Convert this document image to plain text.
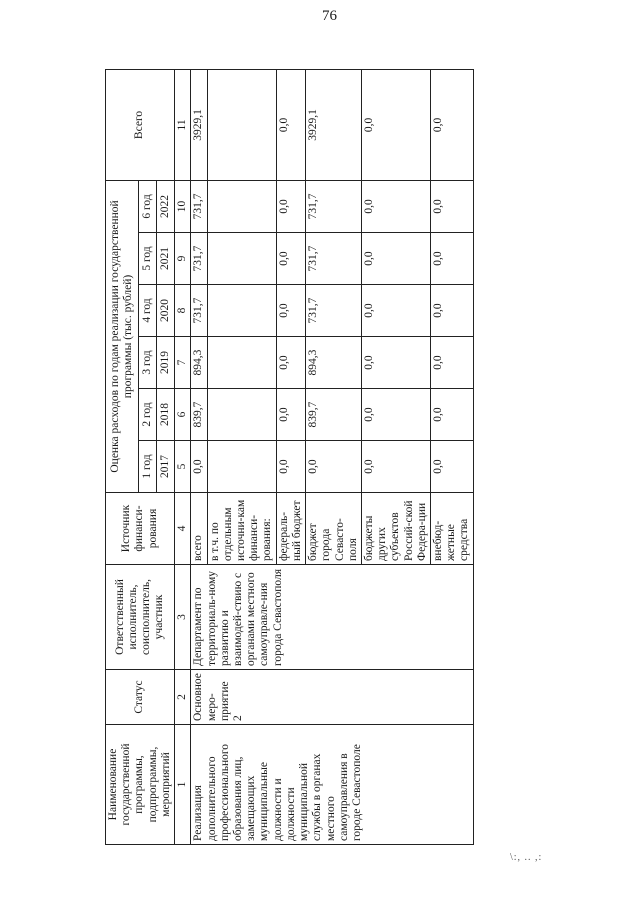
76
Наименование государственной программы, подпрограммы, мероприятий	Статус	Ответственный исполнитель, соисполнитель, участник	Источник финанси-рования	Оценка расходов по годам реализации государственной программы (тыс. рублей)						Всего
				1 год	2 год	3 год	4 год	5 год	6 год	
				2017	2018	2019	2020	2021	2022	
1	2	3	4	5	6	7	8	9	10	11
Реализация дополнительного профессионального образования лиц, замещающих муниципальные должности и должности муниципальной службы в органах местного самоуправления в городе Севастополе	Основное меро-приятие 2	Департамент по территориаль-ному развитию и взаимодей-ствию с органами местного самоуправле-ния города Севастополя	всего	0,0	839,7	894,3	731,7	731,7	731,7	3929,1
			в т.ч. по отдельным источни-кам финанси-рования:							
			федераль-ный бюджет	0,0	0,0	0,0	0,0	0,0	0,0	0,0
			бюджет города Севасто-поля	0,0	839,7	894,3	731,7	731,7	731,7	3929,1
			бюджеты других субъектов Россий-ской Федера-ции	0,0	0,0	0,0	0,0	0,0	0,0	0,0
			внебюд-жетные средства	0,0	0,0	0,0	0,0	0,0	0,0	0,0
\:, .. ,:
